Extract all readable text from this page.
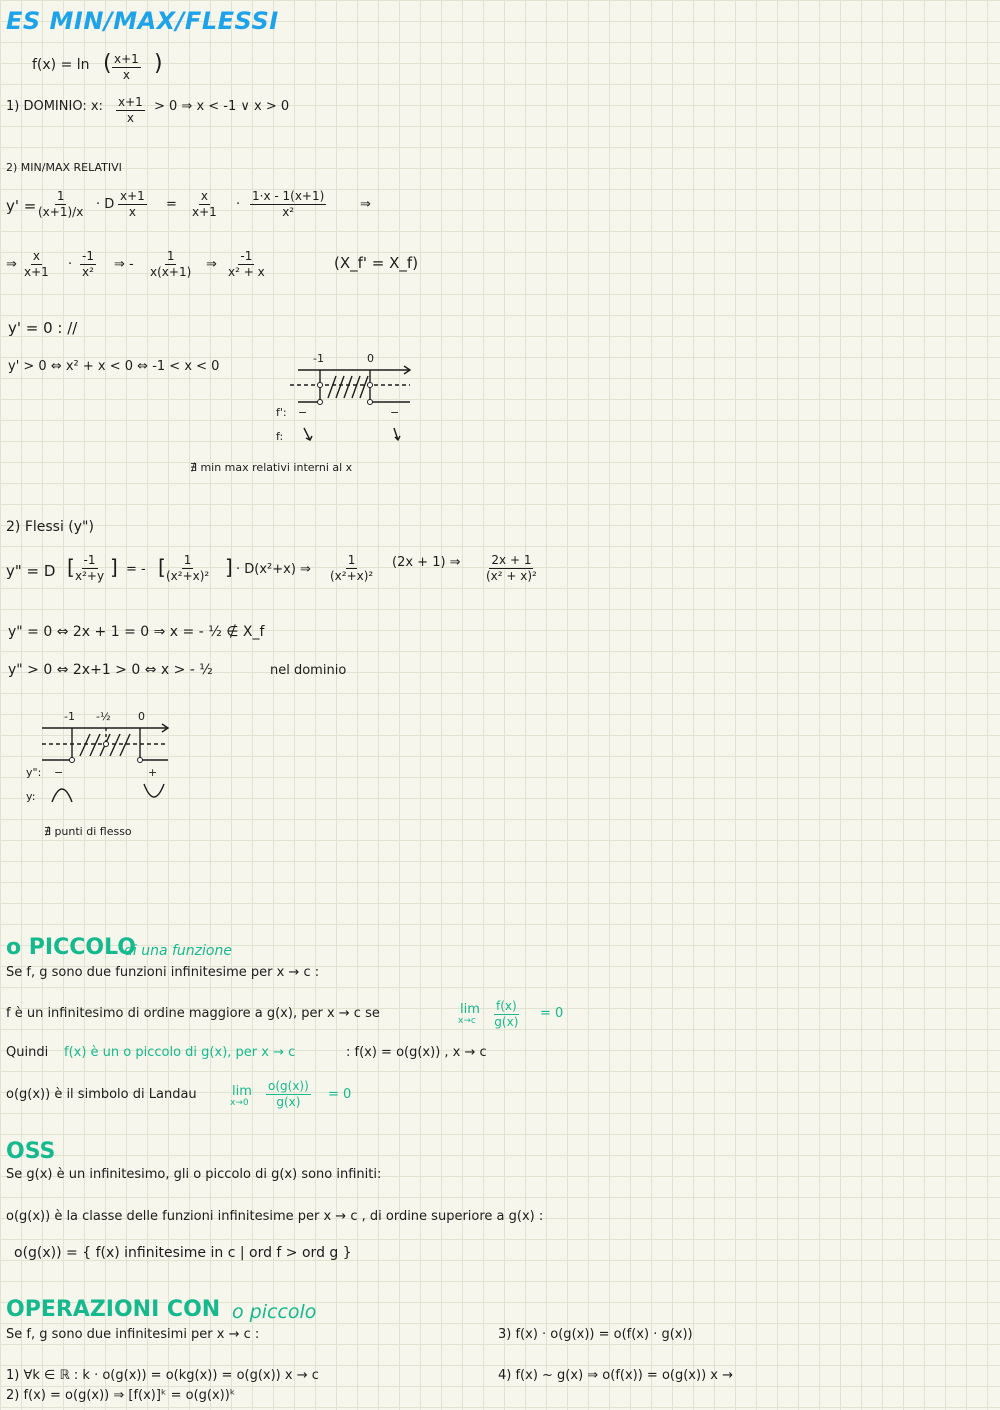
ES MIN/MAX/FLESSI
f(x) = ln ( x+1
x )
1) DOMINIO: x: x+1
x
> 0 ⇒ x < -1 ∨ x > 0
2) MIN/MAX RELATIVI
y' =
1
(x+1)/x · D
x+1
x =
x
x+1 ·
1·x - 1(x+1)
x²	⇒
⇒
x
x+1 ·
-1
x² ⇒ -
1
x(x+1) ⇒
-1
x² + x	(X_f' = X_f)
y' = 0 : //
y' > 0 ⇔ x² + x < 0 ⇔ -1 < x < 0
-1	0
f': −	−
f:
∄ min max relativi interni al x
2) Flessi (y")
y" = D [ -1
x²+y ] = - [ 1
(x²+x)² ] · D(x²+x) ⇒
1
(x²+x)²
(2x + 1) ⇒	2x + 1
(x² + x)²
y" = 0 ⇔ 2x + 1 = 0 ⇒ x = - ½ ∉ X_f
y" > 0 ⇔ 2x+1 > 0 ⇔ x > - ½	nel dominio
-1 -½ 0
y": −	+
y:
∄ punti di flesso
o PICCOLO
di una funzione
Se f, g sono due funzioni infinitesime per x → c :
f è un infinitesimo di ordine maggiore a g(x), per x → c se	lim
x→c
f(x)
g(x)
= 0
Quindi f(x) è un o piccolo di g(x), per x → c	: f(x) = o(g(x)) , x → c
o(g(x)) è il simbolo di Landau	lim
x→0
o(g(x))
g(x) = 0
OSS
Se g(x) è un infinitesimo, gli o piccolo di g(x) sono infiniti:
o(g(x)) è la classe delle funzioni infinitesime per x → c , di ordine superiore a g(x) :
o(g(x)) = { f(x) infinitesime in c | ord f > ord g }
OPERAZIONI CON o piccolo
Se f, g sono due infinitesimi per x → c :
1) ∀k ∈ ℝ : k · o(g(x)) = o(kg(x)) = o(g(x)) x → c
2) f(x) = o(g(x)) ⇒ [f(x)]ᵏ = o(g(x))ᵏ
3) f(x) · o(g(x)) = o(f(x) · g(x))
4) f(x) ~ g(x) ⇒ o(f(x)) = o(g(x)) x →
